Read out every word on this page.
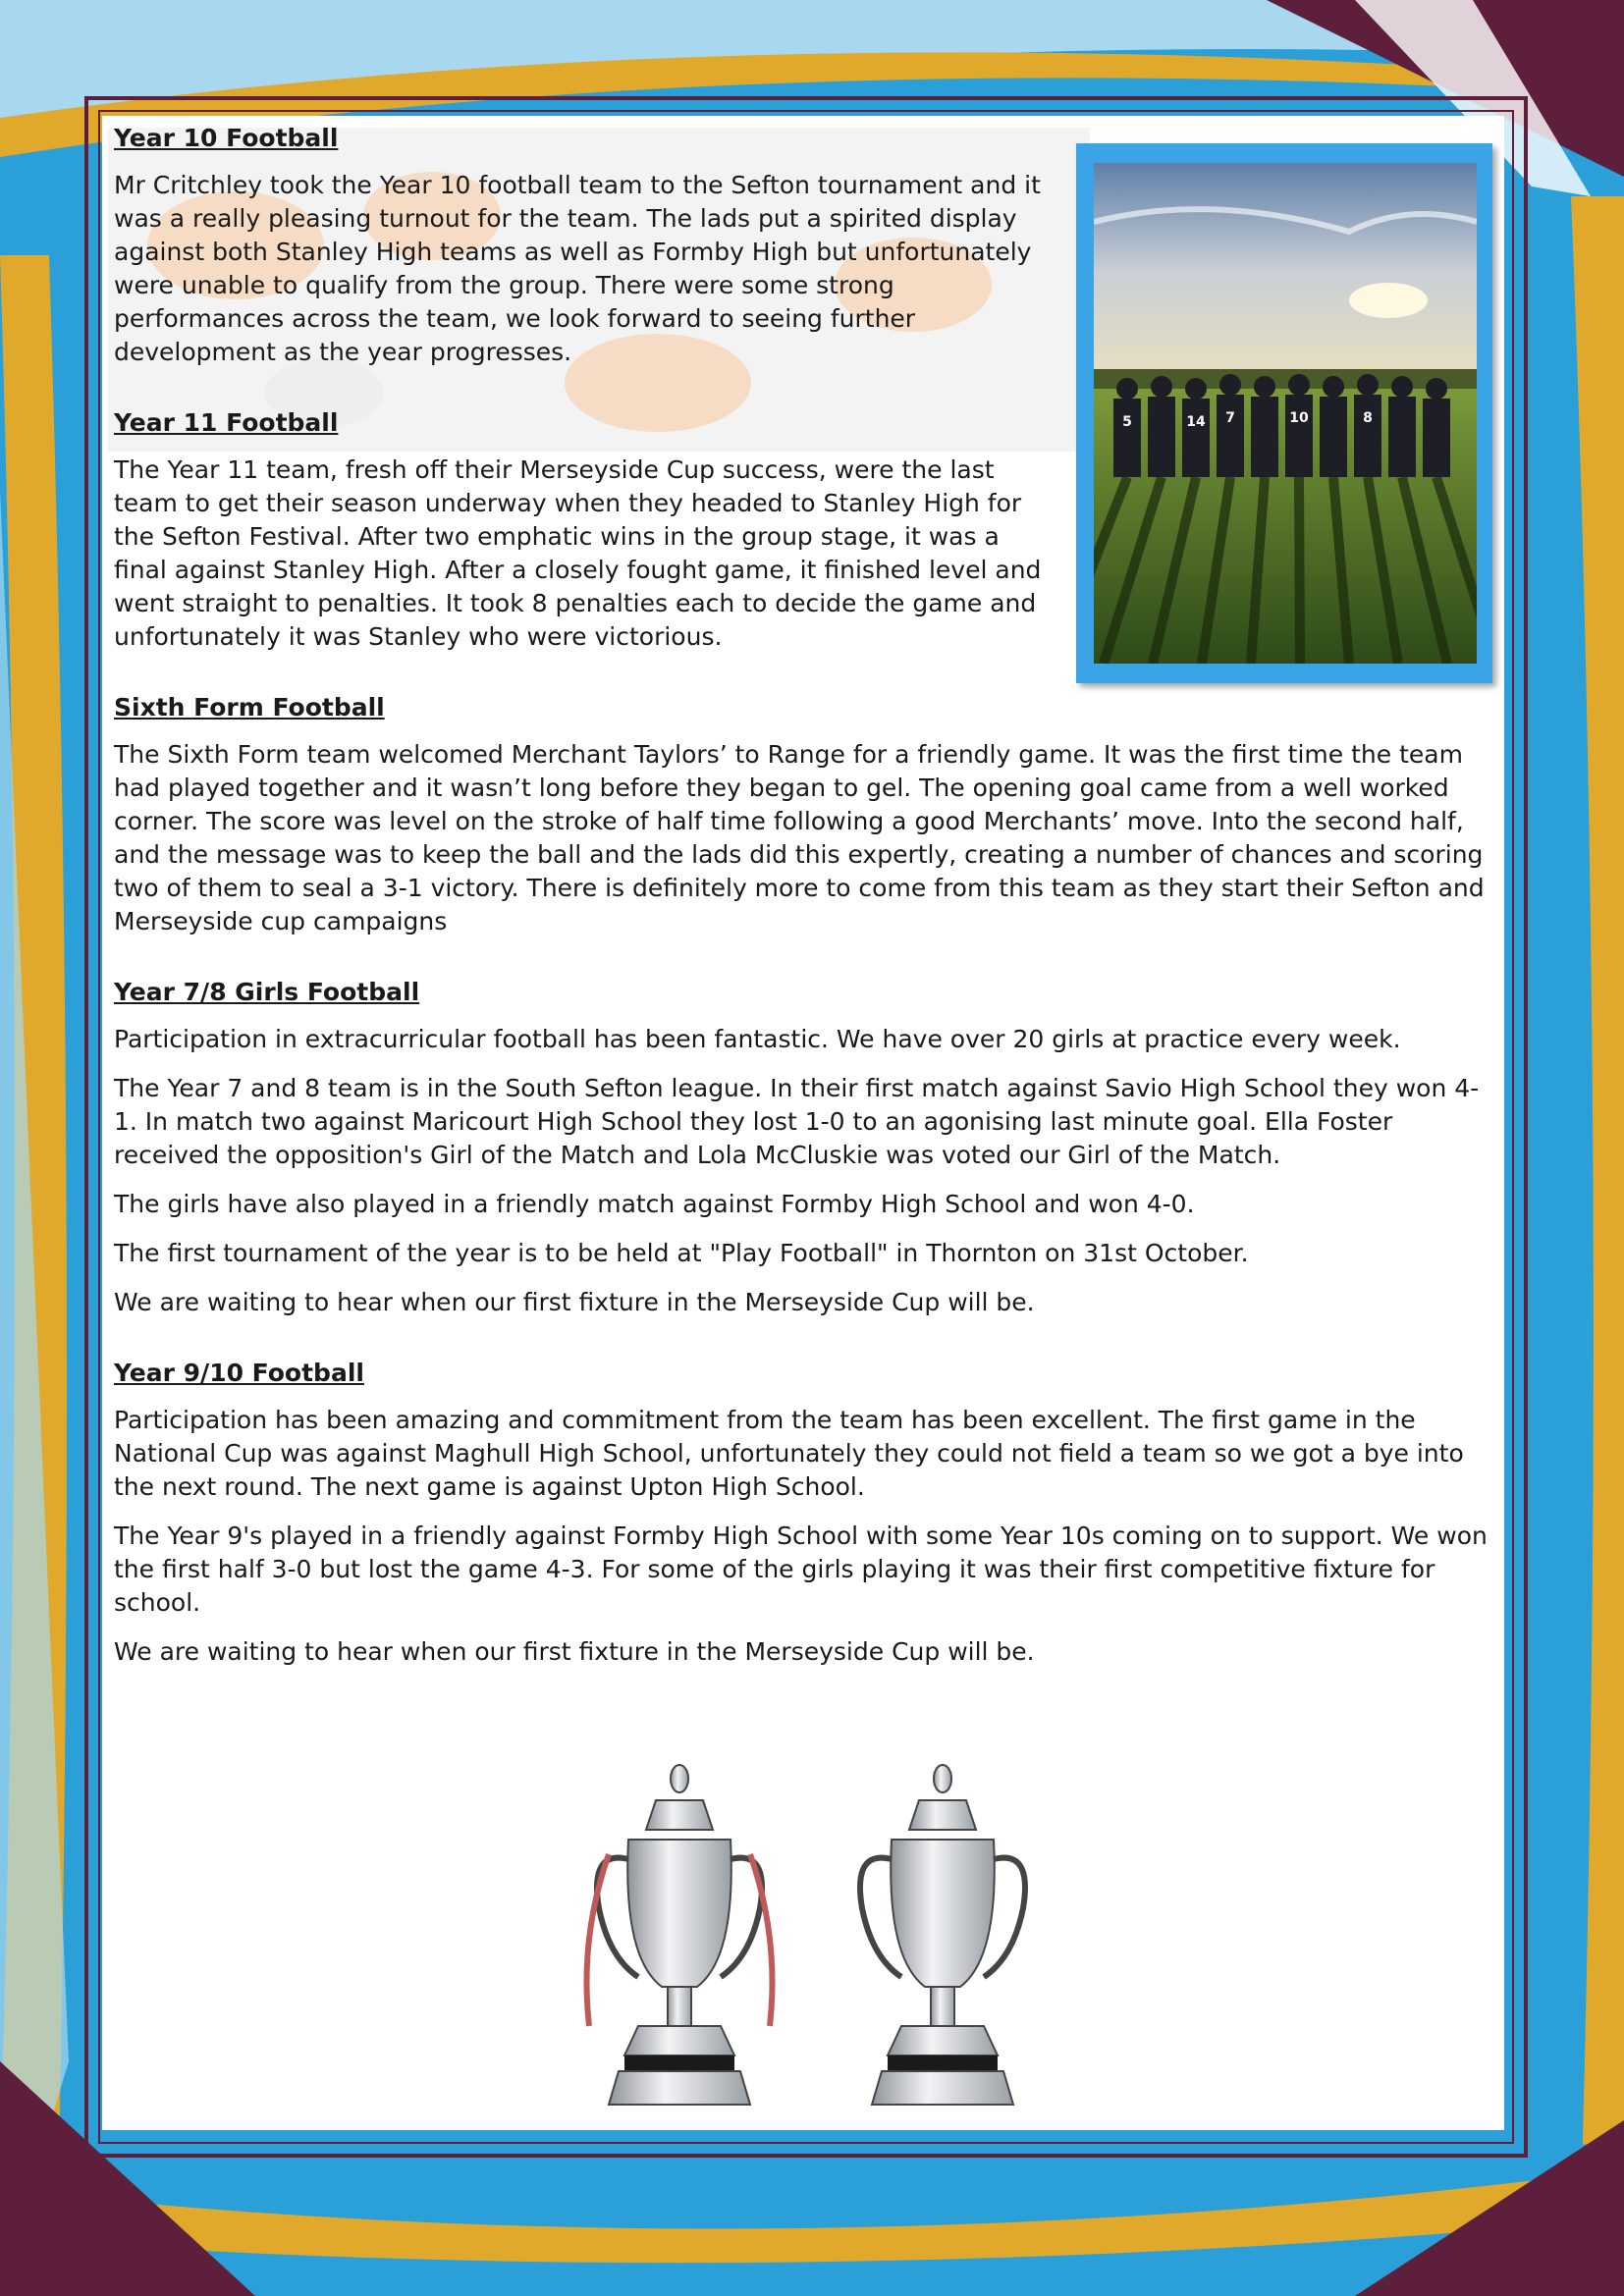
5	14 7	10	8

Year 10 Football

Mr Critchley took the Year 10 football team to the Sefton tournament and it was a really pleasing turnout for the team. The lads put a spirited display against both Stanley High teams as well as Formby High but unfortunately were unable to qualify from the group. There were some strong performances across the team, we look forward to seeing further development as the year progresses.

Year 11 Football

The Year 11 team, fresh off their Merseyside Cup success, were the last team to get their season underway when they headed to Stanley High for the Sefton Festival. After two emphatic wins in the group stage, it was a final against Stanley High. After a closely fought game, it finished level and went straight to penalties. It took 8 penalties each to decide the game and unfortunately it was Stanley who were victorious.

Sixth Form Football

The Sixth Form team welcomed Merchant Taylors’ to Range for a friendly game. It was the first time the team had played together and it wasn’t long before they began to gel. The opening goal came from a well worked corner. The score was level on the stroke of half time following a good Merchants’ move. Into the second half, and the message was to keep the ball and the lads did this expertly, creating a number of chances and scoring two of them to seal a 3-1 victory. There is definitely more to come from this team as they start their Sefton and Merseyside cup campaigns

Year 7/8 Girls Football

Participation in extracurricular football has been fantastic. We have over 20 girls at practice every week.

The Year 7 and 8 team is in the South Sefton league. In their first match against Savio High School they won 4-1. In match two against Maricourt High School they lost 1-0 to an agonising last minute goal. Ella Foster received the opposition's Girl of the Match and Lola McCluskie was voted our Girl of the Match.

The girls have also played in a friendly match against Formby High School and won 4-0.

The first tournament of the year is to be held at "Play Football" in Thornton on 31st October.

We are waiting to hear when our first fixture in the Merseyside Cup will be.

Year 9/10 Football

Participation has been amazing and commitment from the team has been excellent. The first game in the National Cup was against Maghull High School, unfortunately they could not field a team so we got a bye into the next round. The next game is against Upton High School.

The Year 9's played in a friendly against Formby High School with some Year 10s coming on to support. We won the first half 3-0 but lost the game 4-3. For some of the girls playing it was their first competitive fixture for school.

We are waiting to hear when our first fixture in the Merseyside Cup will be.
